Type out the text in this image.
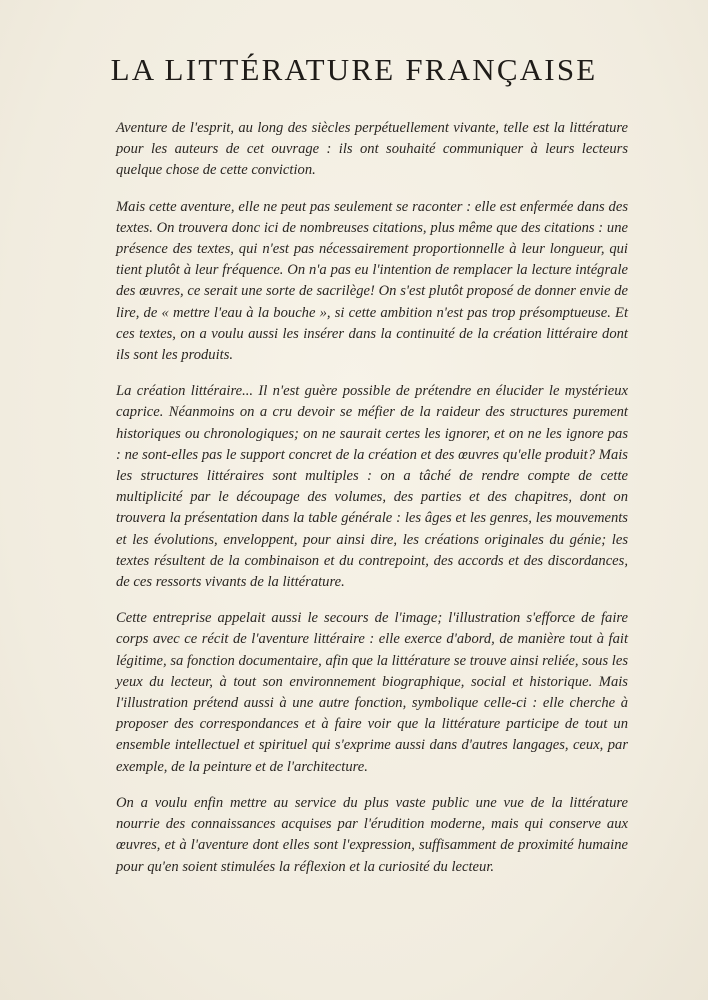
LA LITTÉRATURE FRANÇAISE

Aventure de l'esprit, au long des siècles perpétuellement vivante, telle est la littérature pour les auteurs de cet ouvrage : ils ont souhaité communiquer à leurs lecteurs quelque chose de cette conviction.

Mais cette aventure, elle ne peut pas seulement se raconter : elle est enfermée dans des textes. On trouvera donc ici de nombreuses citations, plus même que des citations : une présence des textes, qui n'est pas nécessairement proportionnelle à leur longueur, qui tient plutôt à leur fréquence. On n'a pas eu l'intention de remplacer la lecture intégrale des œuvres, ce serait une sorte de sacrilège! On s'est plutôt proposé de donner envie de lire, de « mettre l'eau à la bouche », si cette ambition n'est pas trop présomptueuse. Et ces textes, on a voulu aussi les insérer dans la continuité de la création littéraire dont ils sont les produits.

La création littéraire... Il n'est guère possible de prétendre en élucider le mystérieux caprice. Néanmoins on a cru devoir se méfier de la raideur des structures purement historiques ou chronologiques; on ne saurait certes les ignorer, et on ne les ignore pas : ne sont-elles pas le support concret de la création et des œuvres qu'elle produit? Mais les structures littéraires sont multiples : on a tâché de rendre compte de cette multiplicité par le découpage des volumes, des parties et des chapitres, dont on trouvera la présentation dans la table générale : les âges et les genres, les mouvements et les évolutions, enveloppent, pour ainsi dire, les créations originales du génie; les textes résultent de la combinaison et du contrepoint, des accords et des discordances, de ces ressorts vivants de la littérature.

Cette entreprise appelait aussi le secours de l'image; l'illustration s'efforce de faire corps avec ce récit de l'aventure littéraire : elle exerce d'abord, de manière tout à fait légitime, sa fonction documentaire, afin que la littérature se trouve ainsi reliée, sous les yeux du lecteur, à tout son environnement biographique, social et historique. Mais l'illustration prétend aussi à une autre fonction, symbolique celle-ci : elle cherche à proposer des correspondances et à faire voir que la littérature participe de tout un ensemble intellectuel et spirituel qui s'exprime aussi dans d'autres langages, ceux, par exemple, de la peinture et de l'architecture.

On a voulu enfin mettre au service du plus vaste public une vue de la littérature nourrie des connaissances acquises par l'érudition moderne, mais qui conserve aux œuvres, et à l'aventure dont elles sont l'expression, suffisamment de proximité humaine pour qu'en soient stimulées la réflexion et la curiosité du lecteur.
